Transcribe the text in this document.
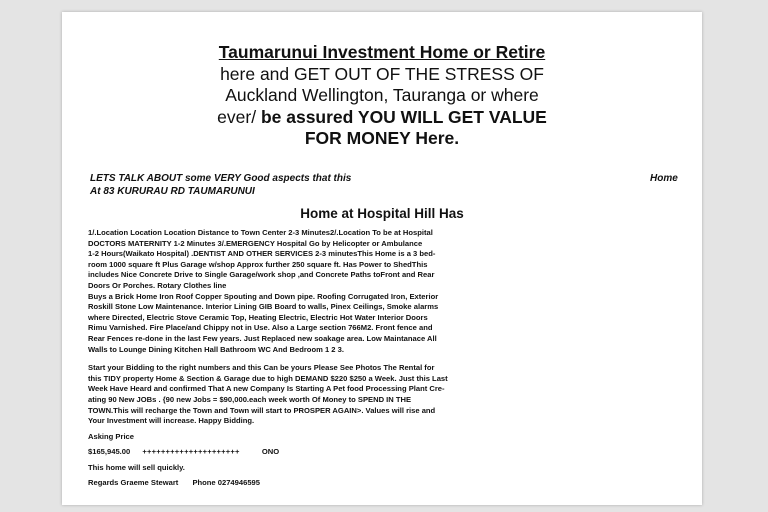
Taumarunui Investment Home or Retire
here and GET OUT OF THE STRESS OF
Auckland Wellington, Tauranga or where
ever/ be assured YOU WILL GET VALUE
FOR MONEY Here.
LETS TALK ABOUT some VERY Good aspects that this	Home
At 83 KURURAU RD TAUMARUNUI
Home at Hospital Hill Has

1/.Location Location Location Distance to Town Center 2-3 Minutes2/.Location To be at Hospital

DOCTORS MATERNITY 1-2 Minutes 3/.EMERGENCY Hospital Go by Helicopter or Ambulance

1-2 Hours(Waikato Hospital) .DENTIST AND OTHER SERVICES 2-3 minutesThis Home is a 3 bed-

room 1000 square ft Plus Garage w/shop Approx further 250 square ft. Has Power to ShedThis

includes Nice Concrete Drive to Single Garage/work shop ,and Concrete Paths toFront and Rear

Doors Or Porches. Rotary Clothes line

Buys a Brick Home Iron Roof Copper Spouting and Down pipe. Roofing Corrugated Iron, Exterior

Roskill Stone Low Maintenance. Interior Lining GIB Board to walls, Pinex Ceilings, Smoke alarms

where Directed, Electric Stove Ceramic Top, Heating Electric, Electric Hot Water Interior Doors

Rimu Varnished. Fire Place/and Chippy not in Use. Also a Large section 766M2. Front fence and

Rear Fences re-done in the last Few years. Just Replaced new soakage area. Low Maintanace All

Walls to Lounge Dining Kitchen Hall Bathroom WC And Bedroom 1 2 3.

Start your Bidding to the right numbers and this Can be yours Please See Photos The Rental for

this TIDY property Home & Section & Garage due to high DEMAND $220 $250 a Week. Just this Last

Week Have Heard and confirmed That A new Company Is Starting A Pet food Processing Plant Cre-

ating 90 New JOBs . {90 new Jobs = $90,000.each week worth Of Money to SPEND IN THE

TOWN.This will recharge the Town and Town will start to PROSPER AGAIN>. Values will rise and

Your Investment will increase. Happy Bidding.

Asking Price

$165,945.00 +++++++++++++++++++++	ONO

This home will sell quickly.

Regards Graeme Stewart Phone 0274946595
